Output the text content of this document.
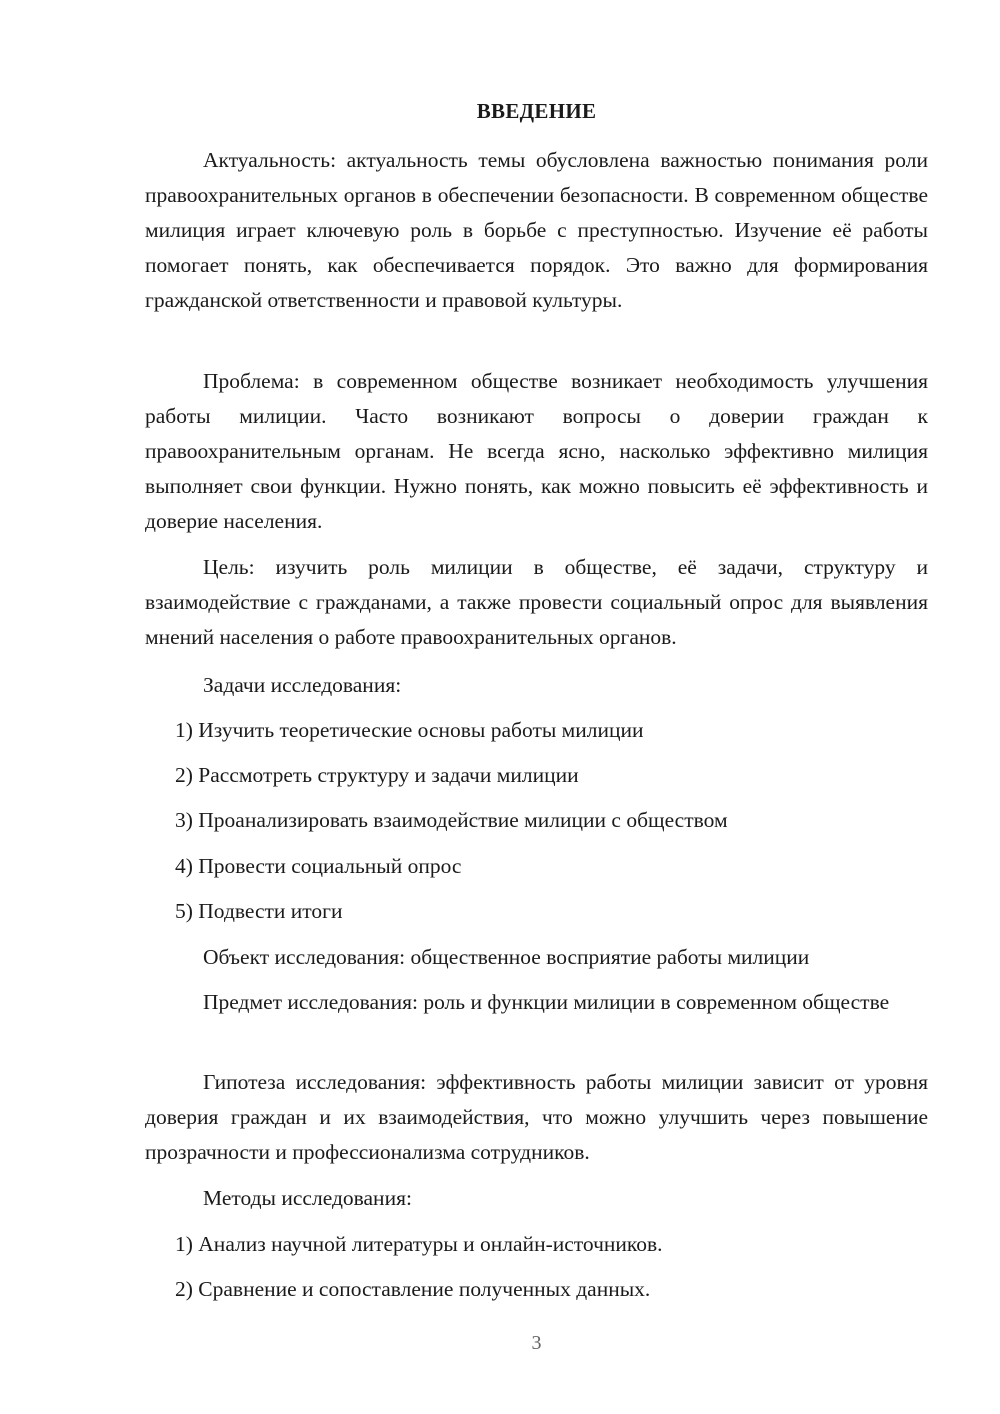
ВВЕДЕНИЕ

Актуальность: актуальность темы обусловлена важностью понимания роли правоохранительных органов в обеспечении безопасности. В современном обществе милиция играет ключевую роль в борьбе с преступностью. Изучение её работы помогает понять, как обеспечивается порядок. Это важно для формирования гражданской ответственности и правовой культуры.

Проблема: в современном обществе возникает необходимость улучшения работы милиции. Часто возникают вопросы о доверии граждан к правоохранительным органам. Не всегда ясно, насколько эффективно милиция выполняет свои функции. Нужно понять, как можно повысить её эффективность и доверие населения.

Цель: изучить роль милиции в обществе, её задачи, структуру и взаимодействие с гражданами, а также провести социальный опрос для выявления мнений населения о работе правоохранительных органов.

Задачи исследования:
1) Изучить теоретические основы работы милиции
2) Рассмотреть структуру и задачи милиции
3) Проанализировать взаимодействие милиции с обществом
4) Провести социальный опрос
5) Подвести итоги
Объект исследования: общественное восприятие работы милиции

Предмет исследования: роль и функции милиции в современном обществе

Гипотеза исследования: эффективность работы милиции зависит от уровня доверия граждан и их взаимодействия, что можно улучшить через повышение прозрачности и профессионализма сотрудников.

Методы исследования:
1) Анализ научной литературы и онлайн-источников.
2) Сравнение и сопоставление полученных данных.
3
